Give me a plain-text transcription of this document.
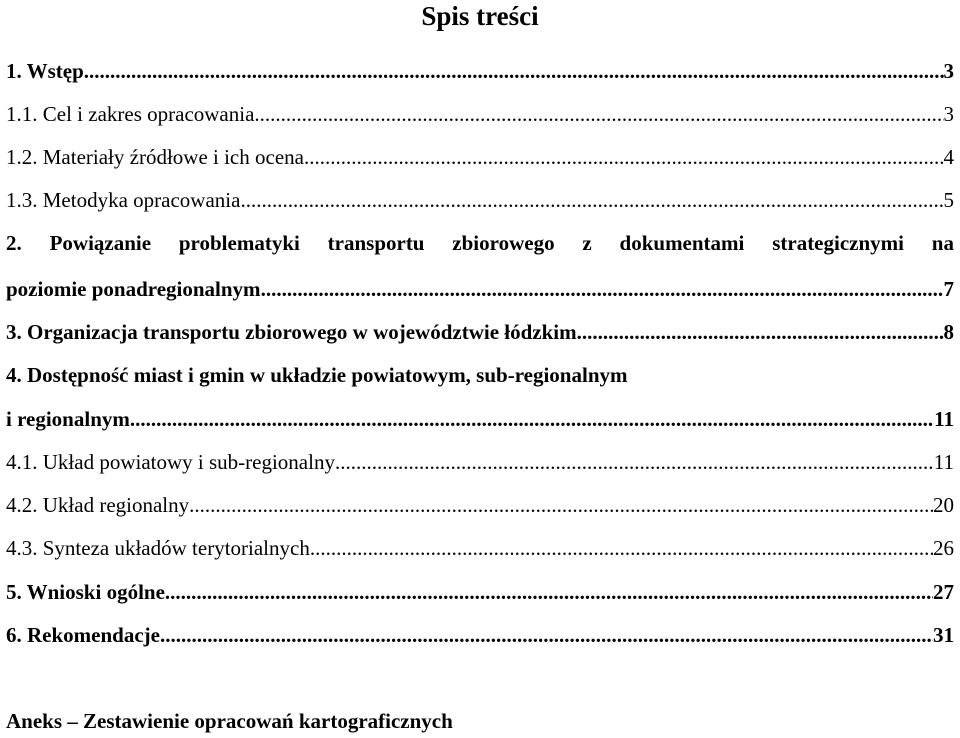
Spis treści
1. Wstęp .....	3
1.1. Cel i zakres opracowania .....	3
1.2. Materiały źródłowe i ich ocena .....	4
1.3. Metodyka opracowania .....	5
2. Powiązanie problematyki transportu zbiorowego z dokumentami strategicznymi na
poziomie ponadregionalnym .....	7
3. Organizacja transportu zbiorowego w województwie łódzkim .....	8
4. Dostępność miast i gmin w układzie powiatowym, sub-regionalnym
i regionalnym .....	11
4.1. Układ powiatowy i sub-regionalny .....	11
4.2. Układ regionalny .....	20
4.3. Synteza układów terytorialnych .....	26
5. Wnioski ogólne .....	27
6. Rekomendacje .....	31
Aneks – Zestawienie opracowań kartograficznych
